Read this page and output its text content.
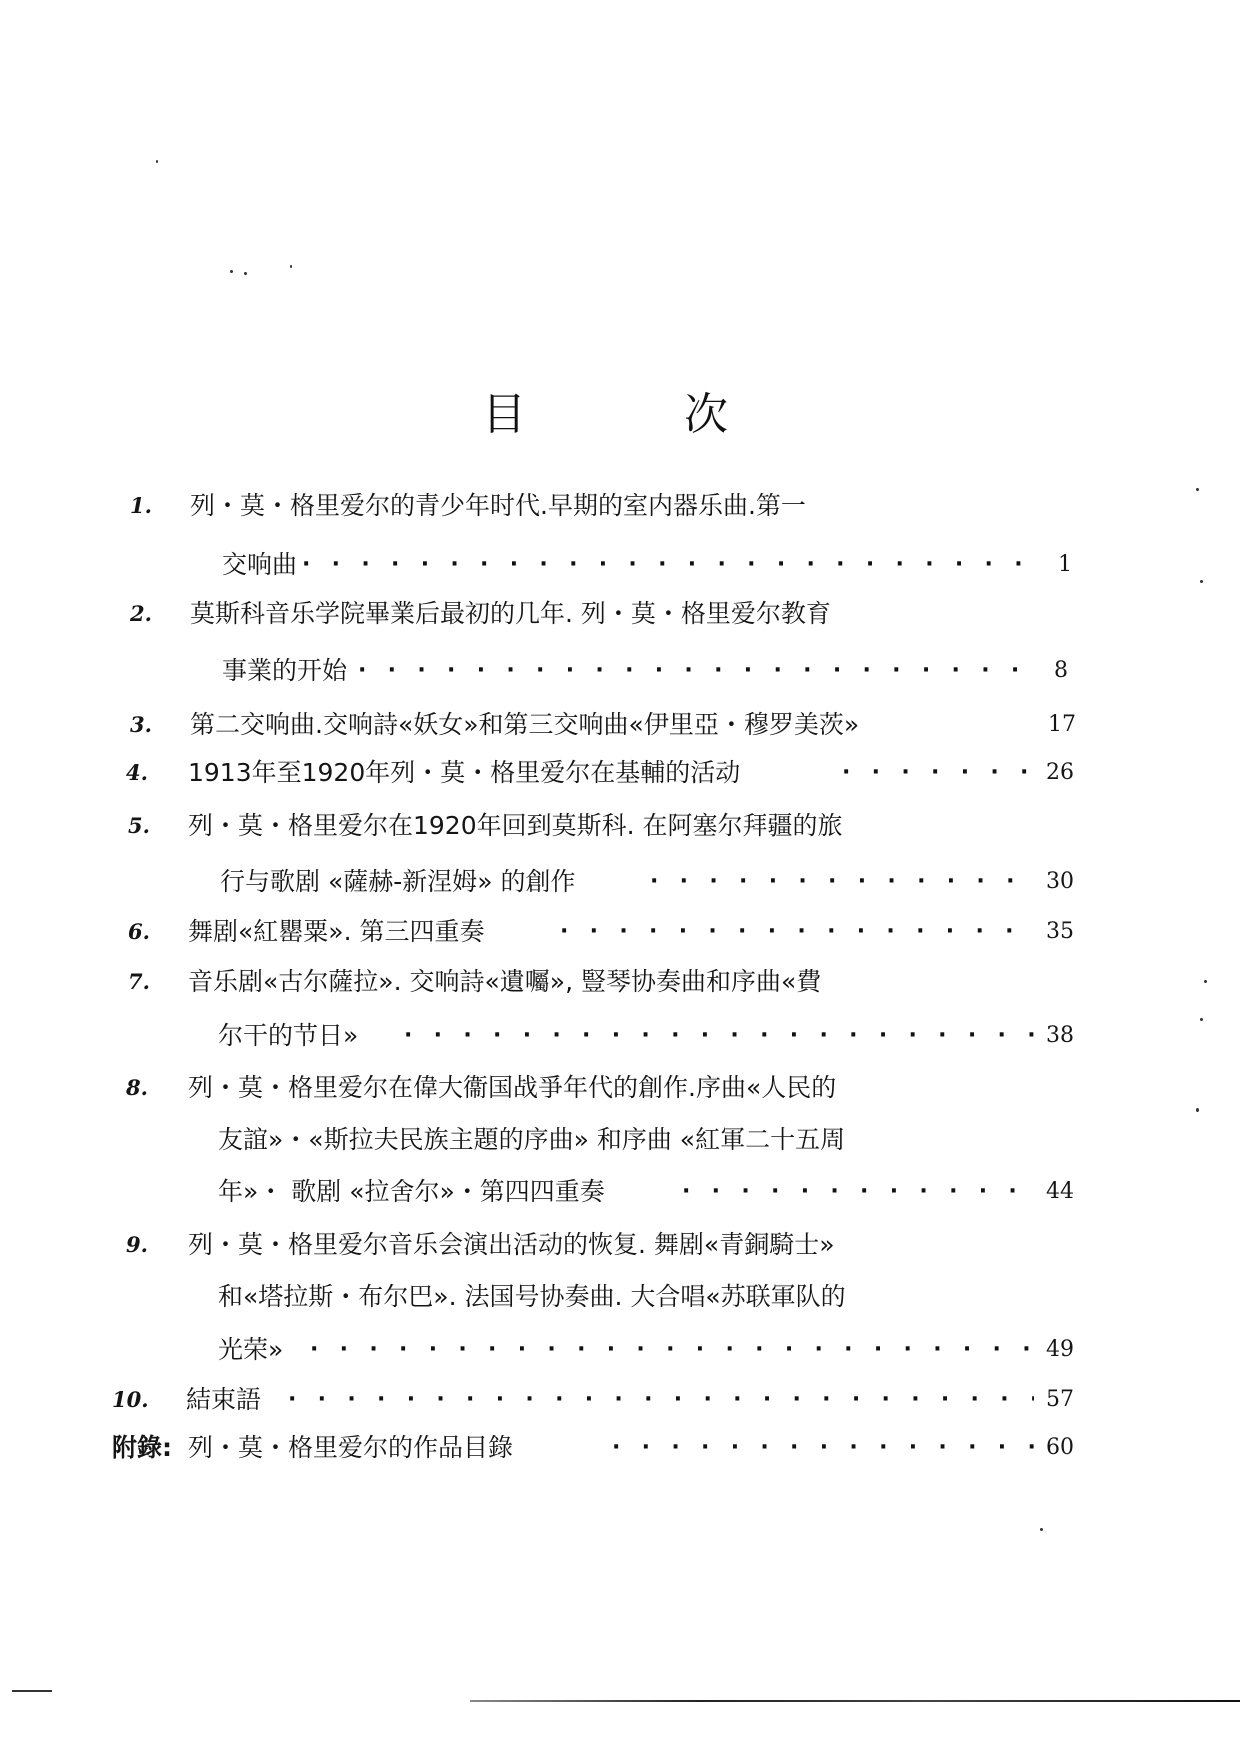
目	次
1. 列・莫・格里爱尔的青少年时代.早期的室内器乐曲.第一
交响曲 · ·	1
2. 莫斯科音乐学院畢業后最初的几年. 列・莫・格里爱尔教育
事業的开始 · ·	8
3. 第二交响曲.交响詩«妖女»和第三交响曲«伊里亞・穆罗美茨»	17
4. 1913年至1920年列・莫・格里爱尔在基輔的活动 · ·	26
5. 列・莫・格里爱尔在1920年回到莫斯科. 在阿塞尔拜疆的旅
行与歌剧 «薩赫-新涅姆» 的創作 · ·	30
6. 舞剧«紅罌粟». 第三四重奏 · ·	35
7. 音乐剧«古尔薩拉». 交响詩«遺囑», 豎琴协奏曲和序曲«費
尔干的节日» · ·	38
8. 列・莫・格里爱尔在偉大衞国战爭年代的創作.序曲«人民的
友誼»・«斯拉夫民族主題的序曲» 和序曲 «紅軍二十五周
年»・ 歌剧 «拉舍尔»・第四四重奏 · ·	44
9. 列・莫・格里爱尔音乐会演出活动的恢复. 舞剧«青銅騎士»
和«塔拉斯・布尔巴». 法国号协奏曲. 大合唱«苏联軍队的
光荣» · ·	49
10. 結束語 · ·	57
附錄: 列・莫・格里爱尔的作品目錄 · ·	60
